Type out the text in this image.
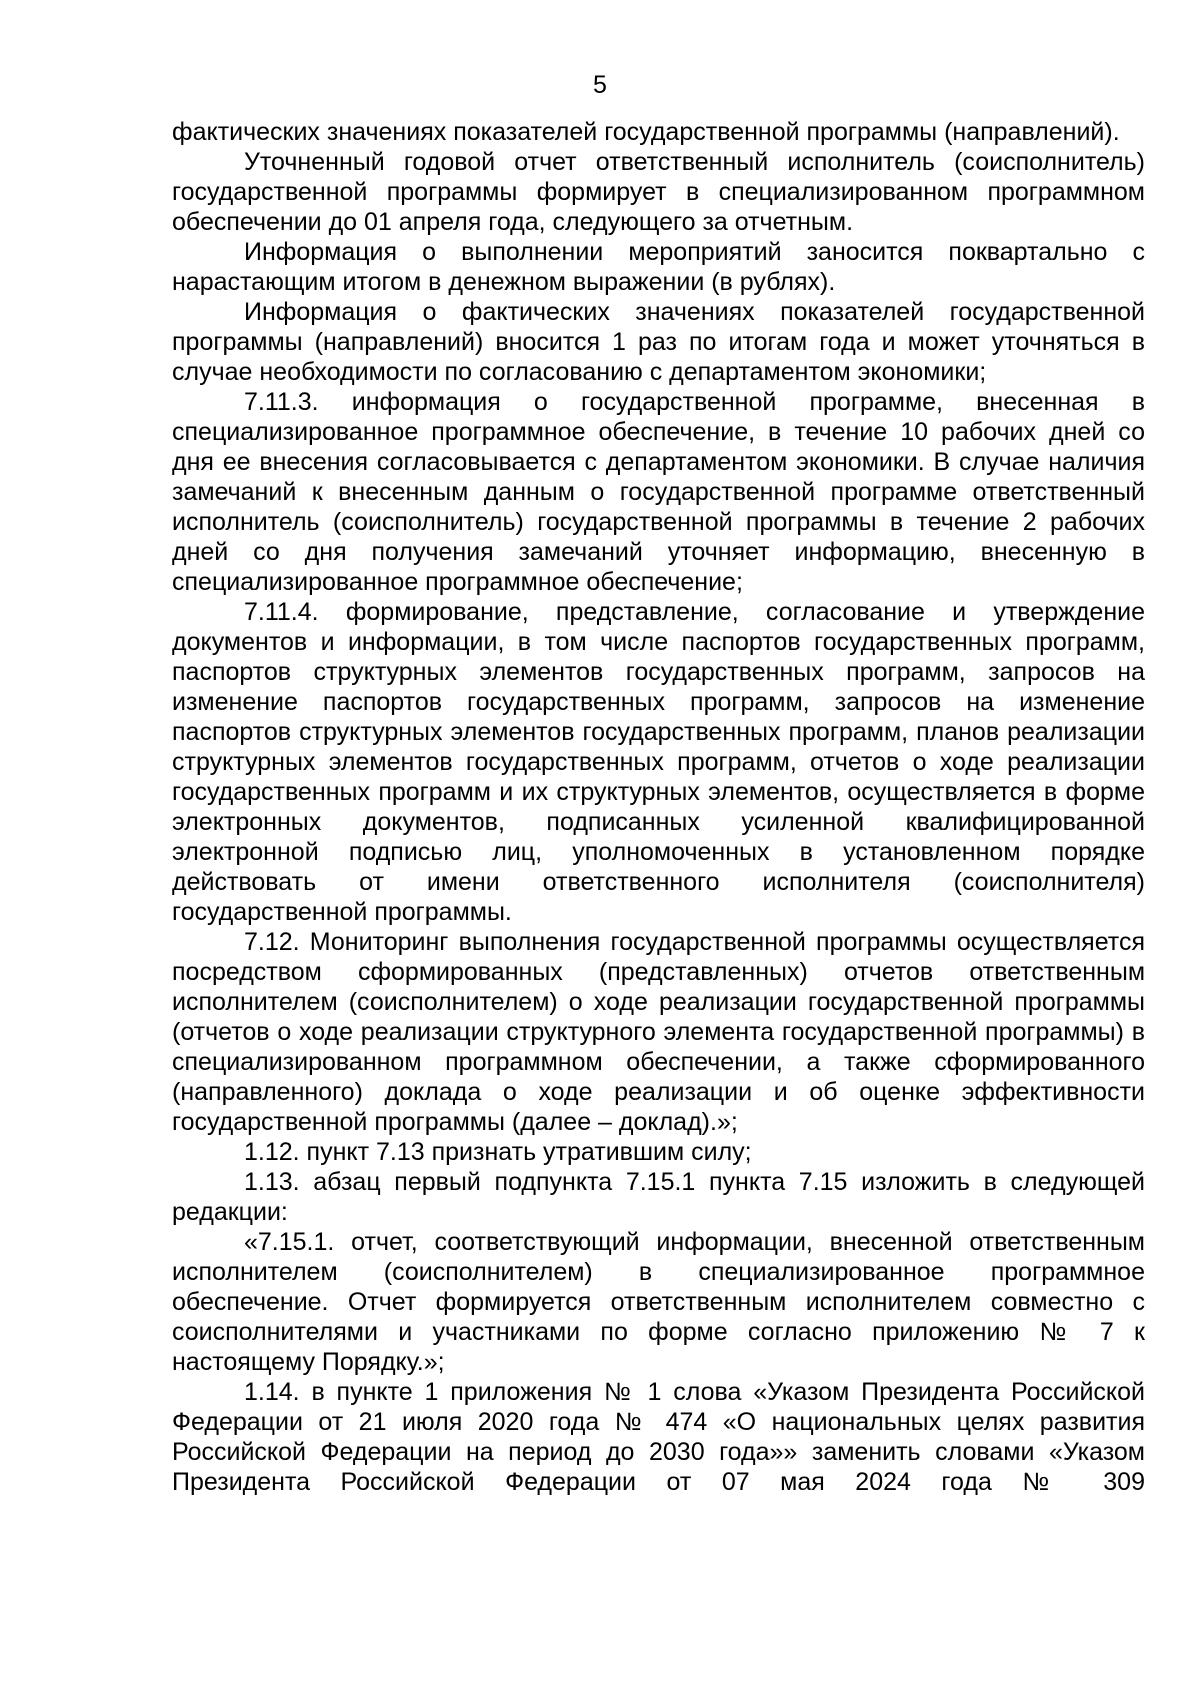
5

фактических значениях показателей государственной программы (направлений).

Уточненный годовой отчет ответственный исполнитель (соисполнитель) государственной программы формирует в специализированном программном обеспечении до 01 апреля года, следующего за отчетным.

Информация о выполнении мероприятий заносится поквартально с нарастающим итогом в денежном выражении (в рублях).

Информация о фактических значениях показателей государственной программы (направлений) вносится 1 раз по итогам года и может уточняться в случае необходимости по согласованию с департаментом экономики;

7.11.3. информация о государственной программе, внесенная в специализированное программное обеспечение, в течение 10 рабочих дней со дня ее внесения согласовывается с департаментом экономики. В случае наличия замечаний к внесенным данным о государственной программе ответственный исполнитель (соисполнитель) государственной программы в течение 2 рабочих дней со дня получения замечаний уточняет информацию, внесенную в специализированное программное обеспечение;

7.11.4. формирование, представление, согласование и утверждение документов и информации, в том числе паспортов государственных программ, паспортов структурных элементов государственных программ, запросов на изменение паспортов государственных программ, запросов на изменение паспортов структурных элементов государственных программ, планов реализации структурных элементов государственных программ, отчетов о ходе реализации государственных программ и их структурных элементов, осуществляется в форме электронных документов, подписанных усиленной квалифицированной электронной подписью лиц, уполномоченных в установленном порядке действовать от имени ответственного исполнителя (соисполнителя) государственной программы.

7.12. Мониторинг выполнения государственной программы осуществляется посредством сформированных (представленных) отчетов ответственным исполнителем (соисполнителем) о ходе реализации государственной программы (отчетов о ходе реализации структурного элемента государственной программы) в специализированном программном обеспечении, а также сформированного (направленного) доклада о ходе реализации и об оценке эффективности государственной программы (далее – доклад).»;

1.12. пункт 7.13 признать утратившим силу;

1.13. абзац первый подпункта 7.15.1 пункта 7.15 изложить в следующей редакции:

«7.15.1. отчет, соответствующий информации, внесенной ответственным исполнителем (соисполнителем) в специализированное программное обеспечение. Отчет формируется ответственным исполнителем совместно с соисполнителями и участниками по форме согласно приложению № 7 к настоящему Порядку.»;

1.14. в пункте 1 приложения № 1 слова «Указом Президента Российской Федерации от 21 июля 2020 года № 474 «О национальных целях развития Российской Федерации на период до 2030 года»» заменить словами «Указом Президента Российской Федерации от 07 мая 2024 года № 309
